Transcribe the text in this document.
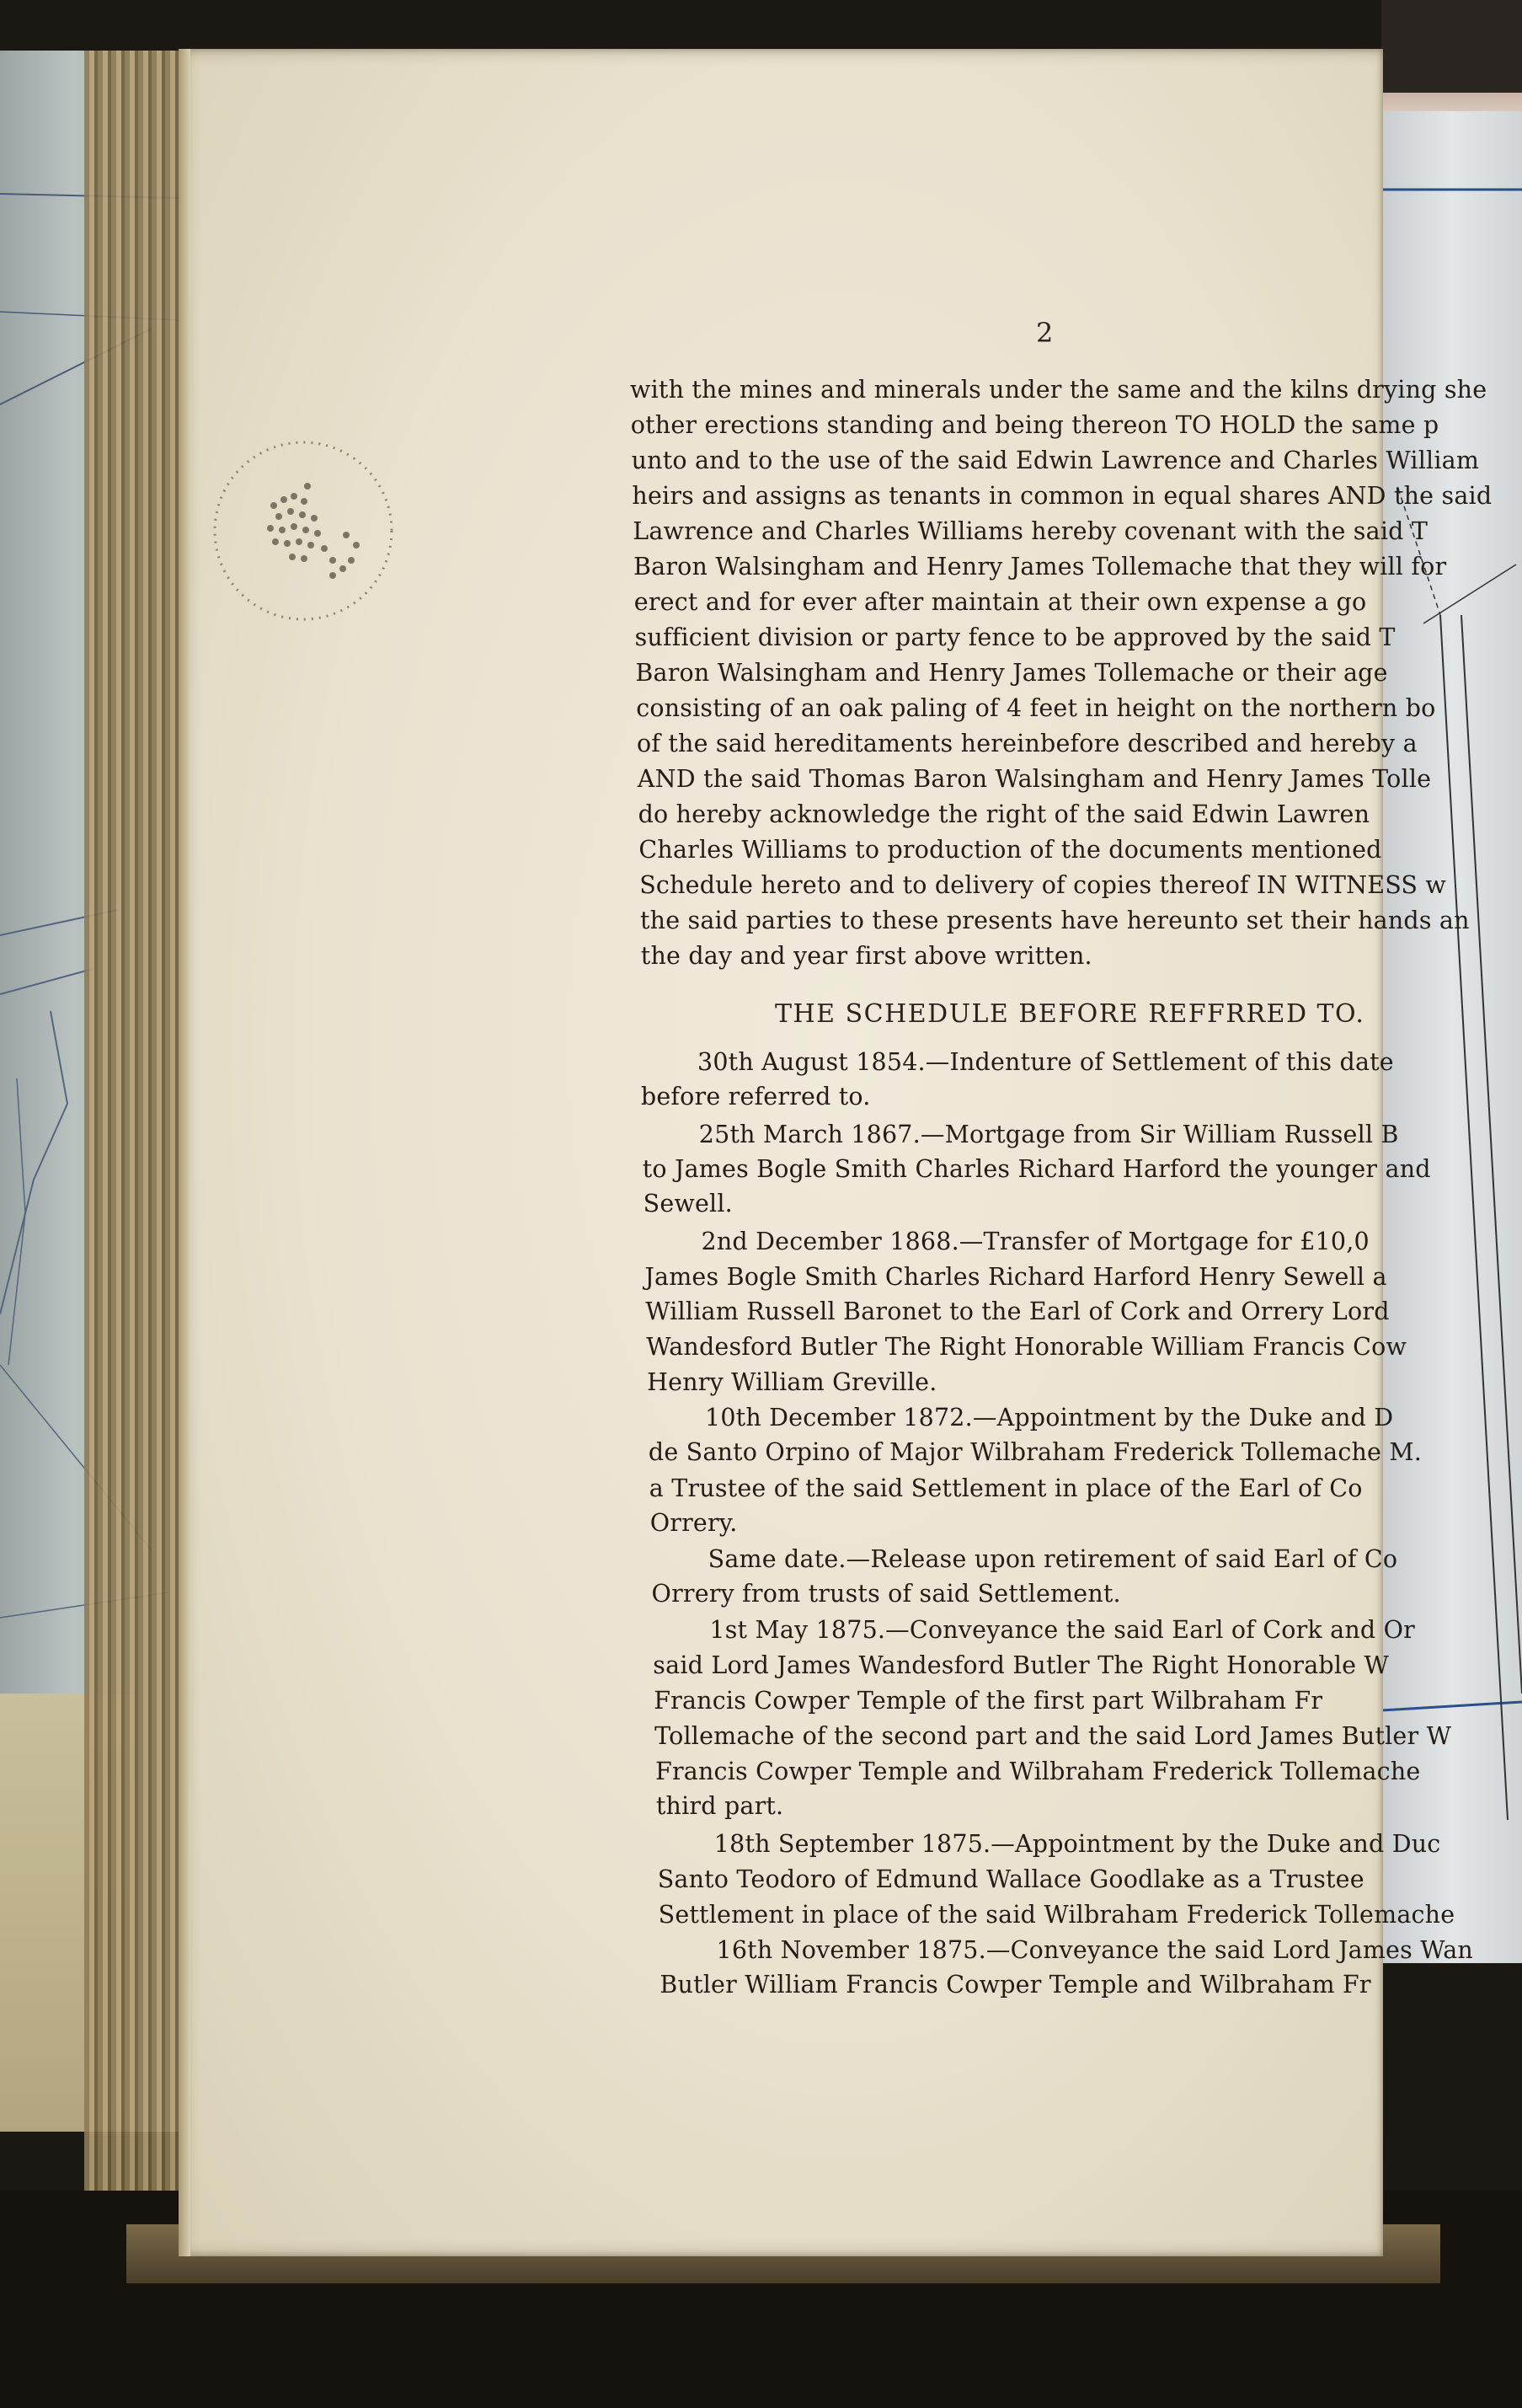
2
with the mines and minerals under the same and the kilns drying she
other erections standing and being thereon TO HOLD the same p
unto and to the use of the said Edwin Lawrence and Charles William
heirs and assigns as tenants in common in equal shares AND the said
Lawrence and Charles Williams hereby covenant with the said T
Baron Walsingham and Henry James Tollemache that they will for
erect and for ever after maintain at their own expense a go
sufficient division or party fence to be approved by the said T
Baron Walsingham and Henry James Tollemache or their age
consisting of an oak paling of 4 feet in height on the northern bo
of the said hereditaments hereinbefore described and hereby a
AND the said Thomas Baron Walsingham and Henry James Tolle
do hereby acknowledge the right of the said Edwin Lawren
Charles Williams to production of the documents mentioned
Schedule hereto and to delivery of copies thereof IN WITNESS w
the said parties to these presents have hereunto set their hands an
the day and year first above written.
THE SCHEDULE BEFORE REFFRRED TO.
30th August 1854.—Indenture of Settlement of this date
before referred to.
25th March 1867.—Mortgage from Sir William Russell B
to James Bogle Smith Charles Richard Harford the younger and
Sewell.
2nd December 1868.—Transfer of Mortgage for £10,0
James Bogle Smith Charles Richard Harford Henry Sewell a
William Russell Baronet to the Earl of Cork and Orrery Lord
Wandesford Butler The Right Honorable William Francis Cow
Henry William Greville.
10th December 1872.—Appointment by the Duke and D
de Santo Orpino of Major Wilbraham Frederick Tollemache M.
a Trustee of the said Settlement in place of the Earl of Co
Orrery.
Same date.—Release upon retirement of said Earl of Co
Orrery from trusts of said Settlement.
1st May 1875.—Conveyance the said Earl of Cork and Or
said Lord James Wandesford Butler The Right Honorable W
Francis Cowper Temple of the first part Wilbraham Fr
Tollemache of the second part and the said Lord James Butler W
Francis Cowper Temple and Wilbraham Frederick Tollemache
third part.
18th September 1875.—Appointment by the Duke and Duc
Santo Teodoro of Edmund Wallace Goodlake as a Trustee
Settlement in place of the said Wilbraham Frederick Tollemache
16th November 1875.—Conveyance the said Lord James Wan
Butler William Francis Cowper Temple and Wilbraham Fr
